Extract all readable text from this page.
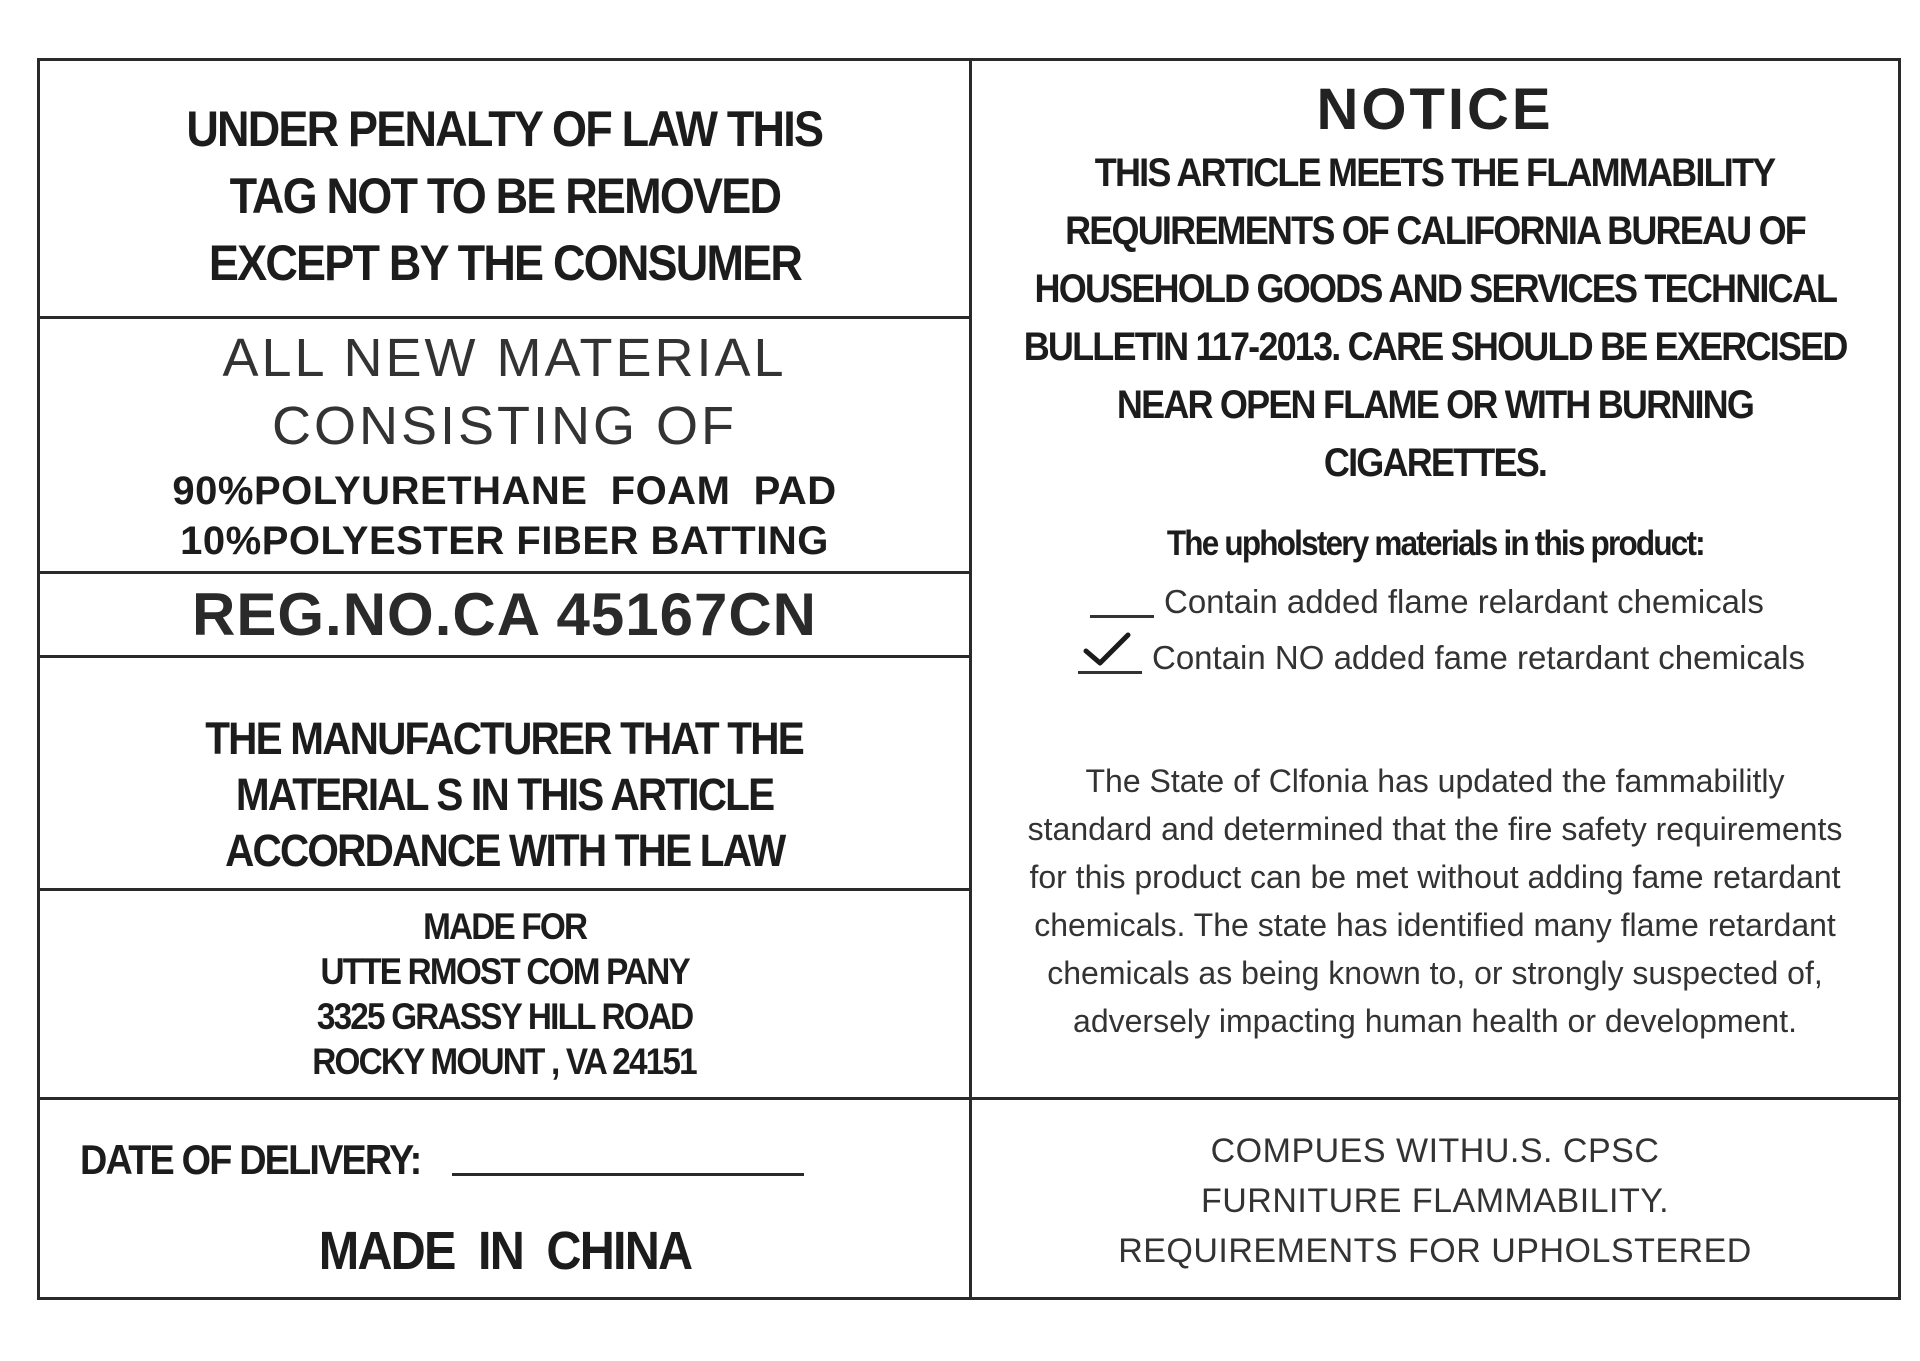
UNDER PENALTY OF LAW THIS
TAG NOT TO BE REMOVED
EXCEPT BY THE CONSUMER
ALL NEW MATERIAL
CONSISTING OF
90%POLYURETHANE  FOAM  PAD
10%POLYESTER FIBER BATTING
REG.NO.CA 45167CN
THE MANUFACTURER THAT THE
MATERIAL S IN THIS ARTICLE
ACCORDANCE WITH THE LAW
MADE FOR
UTTE RMOST COM PANY
3325 GRASSY HILL ROAD
ROCKY MOUNT , VA 24151
DATE OF DELIVERY:
MADE  IN  CHINA
NOTICE
THIS ARTICLE MEETS THE FLAMMABILITY
REQUIREMENTS OF CALIFORNIA BUREAU OF
HOUSEHOLD GOODS AND SERVICES TECHNICAL
BULLETIN 117-2013. CARE SHOULD BE EXERCISED
NEAR OPEN FLAME OR WITH BURNING CIGARETTES.
The upholstery materials in this product:
Contain added flame relardant chemicals
Contain NO added fame retardant chemicals
The State of Clfonia has updated the fammabilitly
standard and determined that the fire safety requirements
for this product can be met without adding fame retardant
chemicals. The state has identified many flame retardant
chemicals as being known to, or strongly suspected of,
adversely impacting human health or development.
COMPUES WITHU.S. CPSC
FURNITURE FLAMMABILITY.
REQUIREMENTS FOR UPHOLSTERED
